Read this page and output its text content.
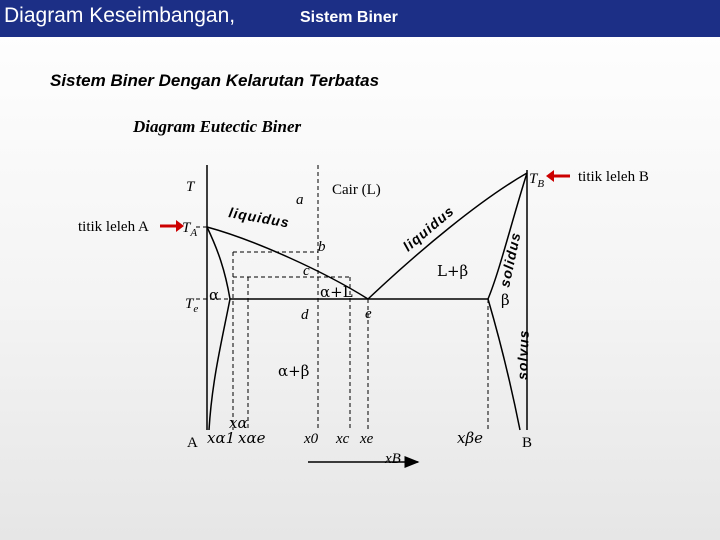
Diagram Keseimbangan,	Sistem Biner
Sistem Biner Dengan Kelarutan Terbatas
Diagram Eutectic Biner
T
titik leleh A $T_A$
$T_e$
$T_B$ titik leleh B
Cair (L)
a
b
c
d	e
α	β
α+L
L+β
α+β
liquidus	liquidus
solidus
solvus
A
xα
xα1 xαe	x0 xc xe	xβe	B
xB
